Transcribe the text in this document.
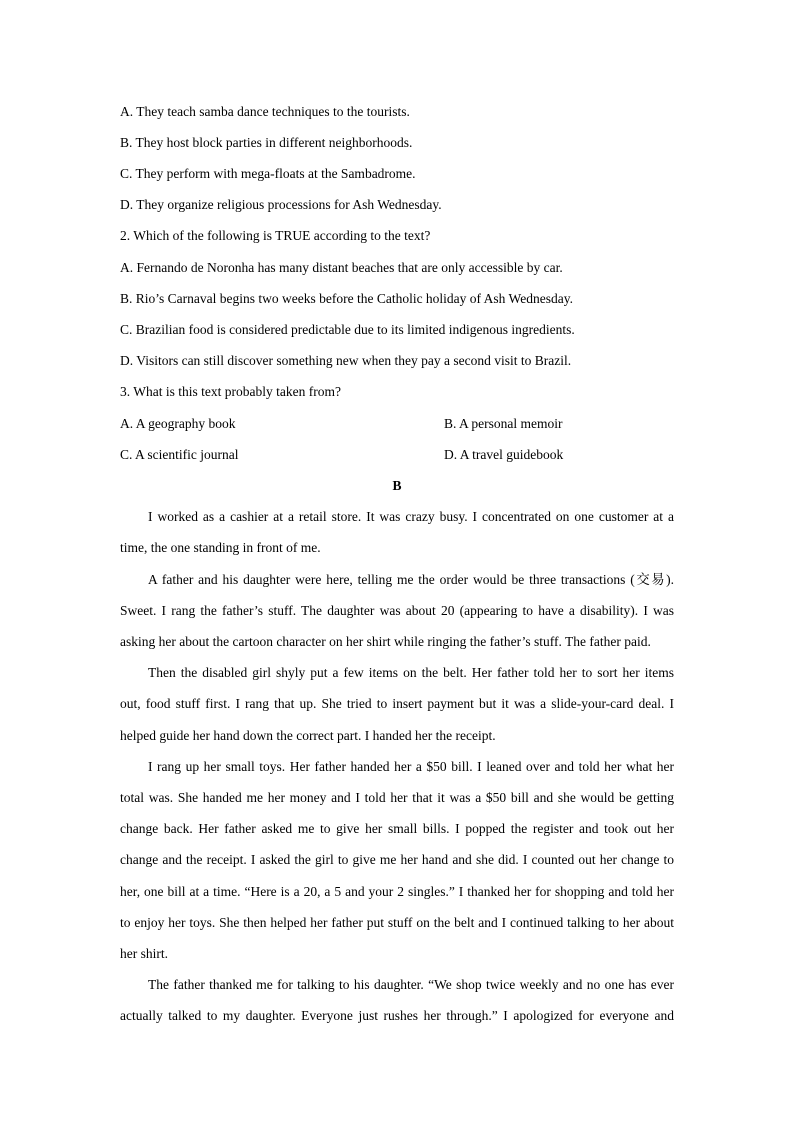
A. They teach samba dance techniques to the tourists.
B. They host block parties in different neighborhoods.
C. They perform with mega-floats at the Sambadrome.
D. They organize religious processions for Ash Wednesday.
2. Which of the following is TRUE according to the text?
A. Fernando de Noronha has many distant beaches that are only accessible by car.
B. Rio’s Carnaval begins two weeks before the Catholic holiday of Ash Wednesday.
C. Brazilian food is considered predictable due to its limited indigenous ingredients.
D. Visitors can still discover something new when they pay a second visit to Brazil.
3. What is this text probably taken from?
A. A geography book	B. A personal memoir
C. A scientific journal	D. A travel guidebook
B
I worked as a cashier at a retail store. It was crazy busy. I concentrated on one customer at a
time, the one standing in front of me.
A father and his daughter were here, telling me the order would be three transactions (交易).
Sweet. I rang the father’s stuff. The daughter was about 20 (appearing to have a disability). I was
asking her about the cartoon character on her shirt while ringing the father’s stuff. The father paid.
Then the disabled girl shyly put a few items on the belt. Her father told her to sort her items
out, food stuff first. I rang that up. She tried to insert payment but it was a slide-your-card deal. I
helped guide her hand down the correct part. I handed her the receipt.
I rang up her small toys. Her father handed her a $50 bill. I leaned over and told her what her
total was. She handed me her money and I told her that it was a $50 bill and she would be getting
change back. Her father asked me to give her small bills. I popped the register and took out her
change and the receipt. I asked the girl to give me her hand and she did. I counted out her change to
her, one bill at a time. “Here is a 20, a 5 and your 2 singles.” I thanked her for shopping and told her
to enjoy her toys. She then helped her father put stuff on the belt and I continued talking to her about
her shirt.
The father thanked me for talking to his daughter. “We shop twice weekly and no one has ever
actually talked to my daughter. Everyone just rushes her through.” I apologized for everyone and
